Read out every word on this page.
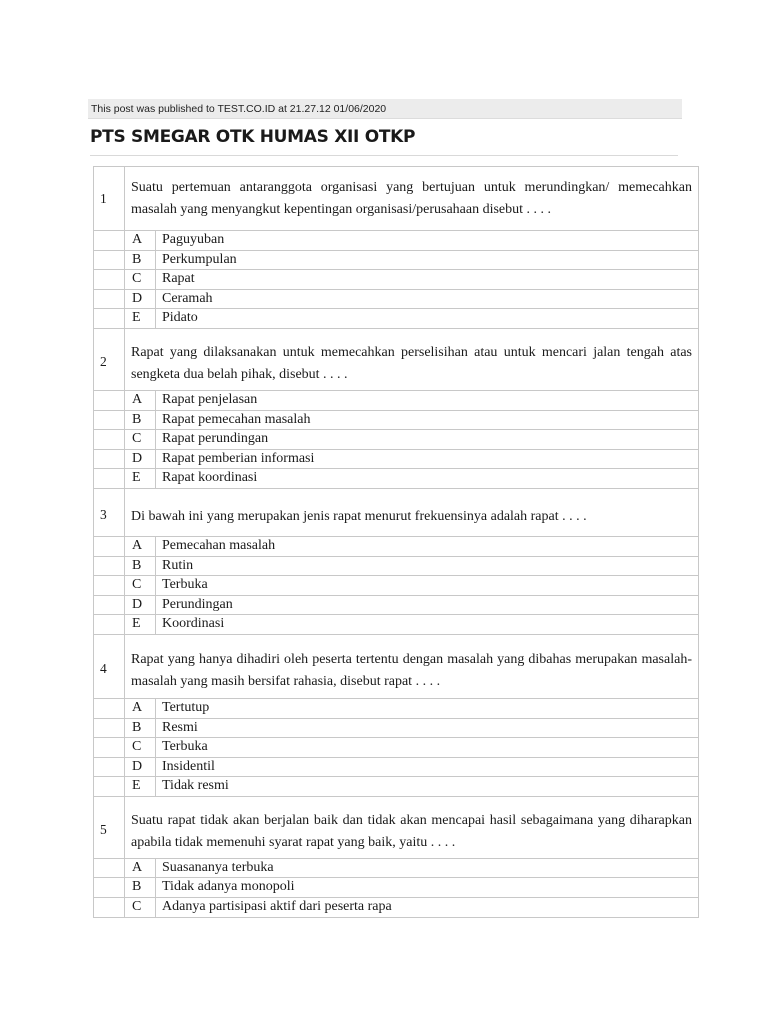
This post was published to TEST.CO.ID at 21.27.12 01/06/2020
PTS SMEGAR OTK HUMAS XII OTKP
1	Suatu pertemuan antaranggota organisasi yang bertujuan untuk merundingkan/ memecahkan masalah yang menyangkut kepentingan organisasi/perusahaan disebut . . . .	

	A	Paguyuban
	B	Perkumpulan
	C	Rapat
	D	Ceramah
	E	Pidato
2	Rapat yang dilaksanakan untuk memecahkan perselisihan atau untuk mencari jalan tengah atas sengketa dua belah pihak, disebut . . . .	

	A	Rapat penjelasan
	B	Rapat pemecahan masalah
	C	Rapat perundingan
	D	Rapat pemberian informasi
	E	Rapat koordinasi
3	Di bawah ini yang merupakan jenis rapat menurut frekuensinya adalah rapat . . . .	

	A	Pemecahan masalah
	B	Rutin
	C	Terbuka
	D	Perundingan
	E	Koordinasi
4	Rapat yang hanya dihadiri oleh peserta tertentu dengan masalah yang dibahas merupakan masalah-masalah yang masih bersifat rahasia, disebut rapat . . . .	

	A	Tertutup
	B	Resmi
	C	Terbuka
	D	Insidentil
	E	Tidak resmi
5	Suatu rapat tidak akan berjalan baik dan tidak akan mencapai hasil sebagaimana yang diharapkan apabila tidak memenuhi syarat rapat yang baik, yaitu . . . .	

	A	Suasananya terbuka
	B	Tidak adanya monopoli
	C	Adanya partisipasi aktif dari peserta rapa
